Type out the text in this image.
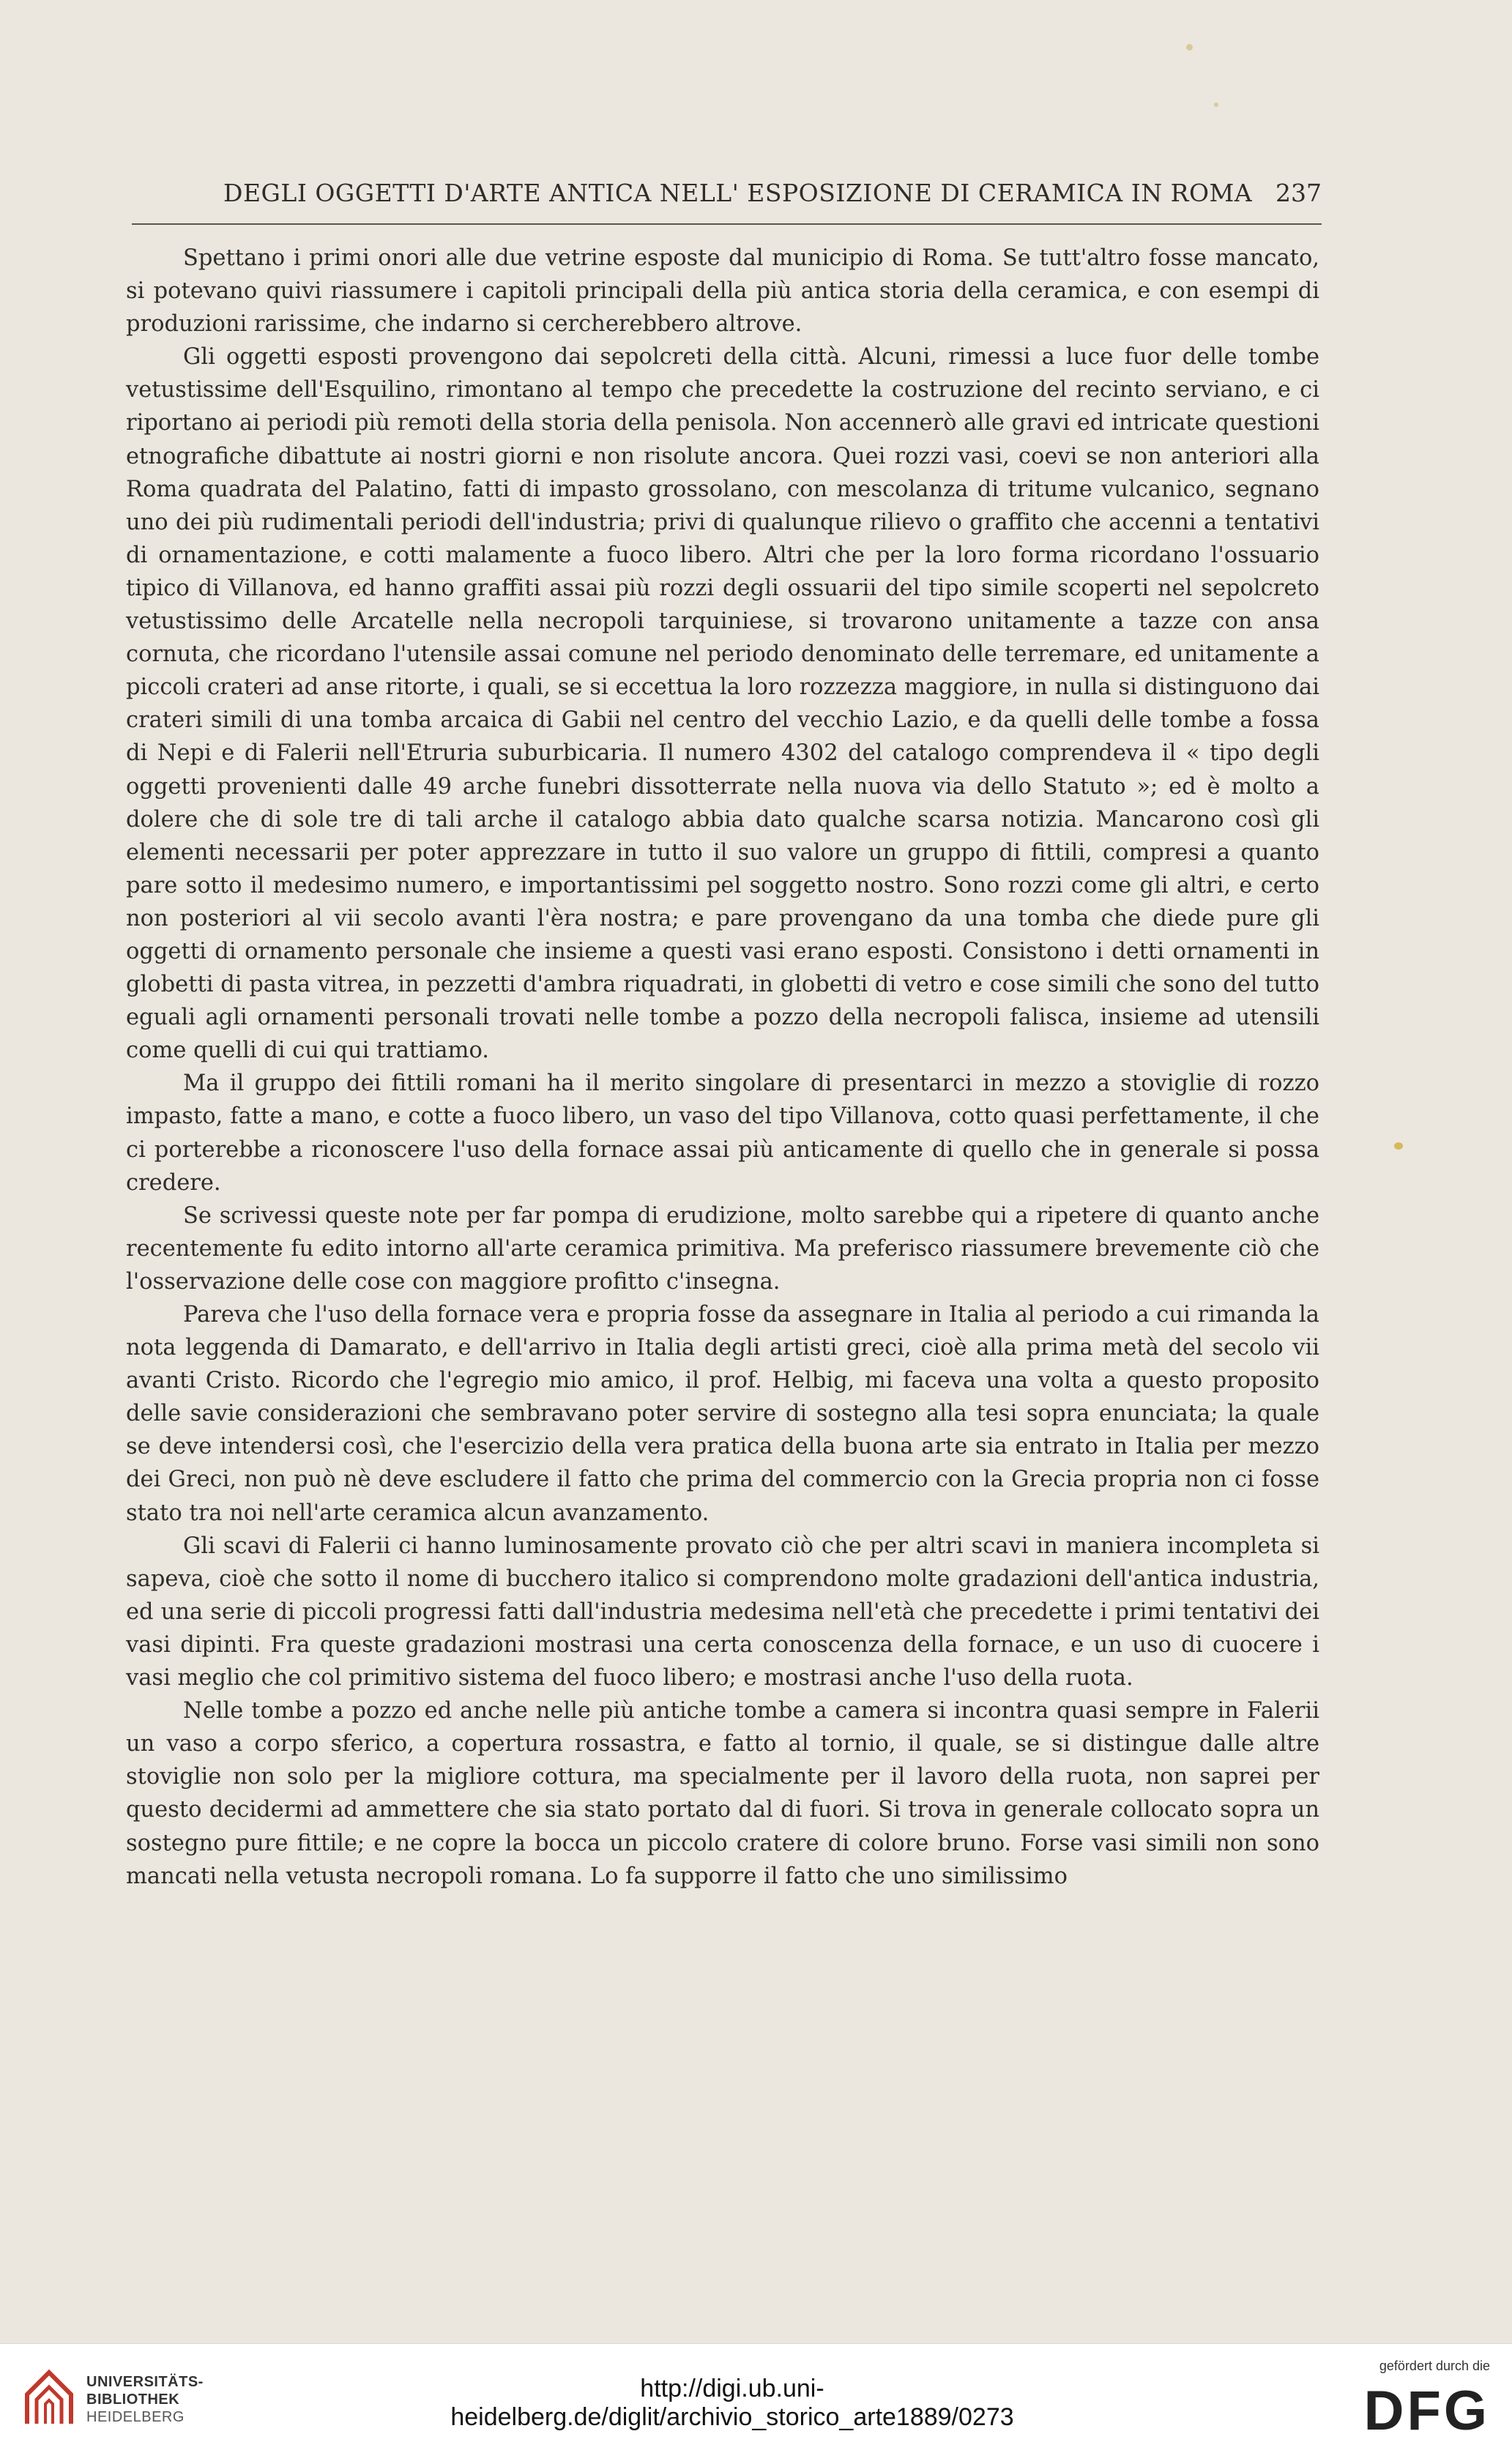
DEGLI OGGETTI D'ARTE ANTICA NELL' ESPOSIZIONE DI CERAMICA IN ROMA 237

Spettano i primi onori alle due vetrine esposte dal municipio di Roma. Se tutt'altro fosse mancato, si potevano quivi riassumere i capitoli principali della più antica storia della ceramica, e con esempi di produzioni rarissime, che indarno si cercherebbero altrove.

Gli oggetti esposti provengono dai sepolcreti della città. Alcuni, rimessi a luce fuor delle tombe vetustissime dell'Esquilino, rimontano al tempo che precedette la costruzione del recinto serviano, e ci riportano ai periodi più remoti della storia della penisola. Non accennerò alle gravi ed intricate questioni etnografiche dibattute ai nostri giorni e non risolute ancora. Quei rozzi vasi, coevi se non anteriori alla Roma quadrata del Palatino, fatti di impasto grossolano, con mescolanza di tritume vulcanico, segnano uno dei più rudimentali periodi dell'industria; privi di qualunque rilievo o graffito che accenni a tentativi di ornamentazione, e cotti malamente a fuoco libero. Altri che per la loro forma ricordano l'ossuario tipico di Villanova, ed hanno graffiti assai più rozzi degli ossuarii del tipo simile scoperti nel sepolcreto vetustissimo delle Arcatelle nella necropoli tarquiniese, si trovarono unitamente a tazze con ansa cornuta, che ricordano l'utensile assai comune nel periodo denominato delle terremare, ed unitamente a piccoli crateri ad anse ritorte, i quali, se si eccettua la loro rozzezza maggiore, in nulla si distinguono dai crateri simili di una tomba arcaica di Gabii nel centro del vecchio Lazio, e da quelli delle tombe a fossa di Nepi e di Falerii nell'Etruria suburbicaria. Il numero 4302 del catalogo comprendeva il « tipo degli oggetti provenienti dalle 49 arche funebri dissotterrate nella nuova via dello Statuto »; ed è molto a dolere che di sole tre di tali arche il catalogo abbia dato qualche scarsa notizia. Mancarono così gli elementi necessarii per poter apprezzare in tutto il suo valore un gruppo di fittili, compresi a quanto pare sotto il medesimo numero, e importantissimi pel soggetto nostro. Sono rozzi come gli altri, e certo non posteriori al vii secolo avanti l'èra nostra; e pare provengano da una tomba che diede pure gli oggetti di ornamento personale che insieme a questi vasi erano esposti. Consistono i detti ornamenti in globetti di pasta vitrea, in pezzetti d'ambra riquadrati, in globetti di vetro e cose simili che sono del tutto eguali agli ornamenti personali trovati nelle tombe a pozzo della necropoli falisca, insieme ad utensili come quelli di cui qui trattiamo.

Ma il gruppo dei fittili romani ha il merito singolare di presentarci in mezzo a stoviglie di rozzo impasto, fatte a mano, e cotte a fuoco libero, un vaso del tipo Villanova, cotto quasi perfettamente, il che ci porterebbe a riconoscere l'uso della fornace assai più anticamente di quello che in generale si possa credere.

Se scrivessi queste note per far pompa di erudizione, molto sarebbe qui a ripetere di quanto anche recentemente fu edito intorno all'arte ceramica primitiva. Ma preferisco riassumere brevemente ciò che l'osservazione delle cose con maggiore profitto c'insegna.

Pareva che l'uso della fornace vera e propria fosse da assegnare in Italia al periodo a cui rimanda la nota leggenda di Damarato, e dell'arrivo in Italia degli artisti greci, cioè alla prima metà del secolo vii avanti Cristo. Ricordo che l'egregio mio amico, il prof. Helbig, mi faceva una volta a questo proposito delle savie considerazioni che sembravano poter servire di sostegno alla tesi sopra enunciata; la quale se deve intendersi così, che l'esercizio della vera pratica della buona arte sia entrato in Italia per mezzo dei Greci, non può nè deve escludere il fatto che prima del commercio con la Grecia propria non ci fosse stato tra noi nell'arte ceramica alcun avanzamento.

Gli scavi di Falerii ci hanno luminosamente provato ciò che per altri scavi in maniera incompleta si sapeva, cioè che sotto il nome di bucchero italico si comprendono molte gradazioni dell'antica industria, ed una serie di piccoli progressi fatti dall'industria medesima nell'età che precedette i primi tentativi dei vasi dipinti. Fra queste gradazioni mostrasi una certa conoscenza della fornace, e un uso di cuocere i vasi meglio che col primitivo sistema del fuoco libero; e mostrasi anche l'uso della ruota.

Nelle tombe a pozzo ed anche nelle più antiche tombe a camera si incontra quasi sempre in Falerii un vaso a corpo sferico, a copertura rossastra, e fatto al tornio, il quale, se si distingue dalle altre stoviglie non solo per la migliore cottura, ma specialmente per il lavoro della ruota, non saprei per questo decidermi ad ammettere che sia stato portato dal di fuori. Si trova in generale collocato sopra un sostegno pure fittile; e ne copre la bocca un piccolo cratere di colore bruno. Forse vasi simili non sono mancati nella vetusta necropoli romana. Lo fa supporre il fatto che uno similissimo

UNIVERSITÄTS-
BIBLIOTHEK
HEIDELBERG
http://digi.ub.uni-heidelberg.de/diglit/archivio_storico_arte1889/0273
gefördert durch die
DFG
